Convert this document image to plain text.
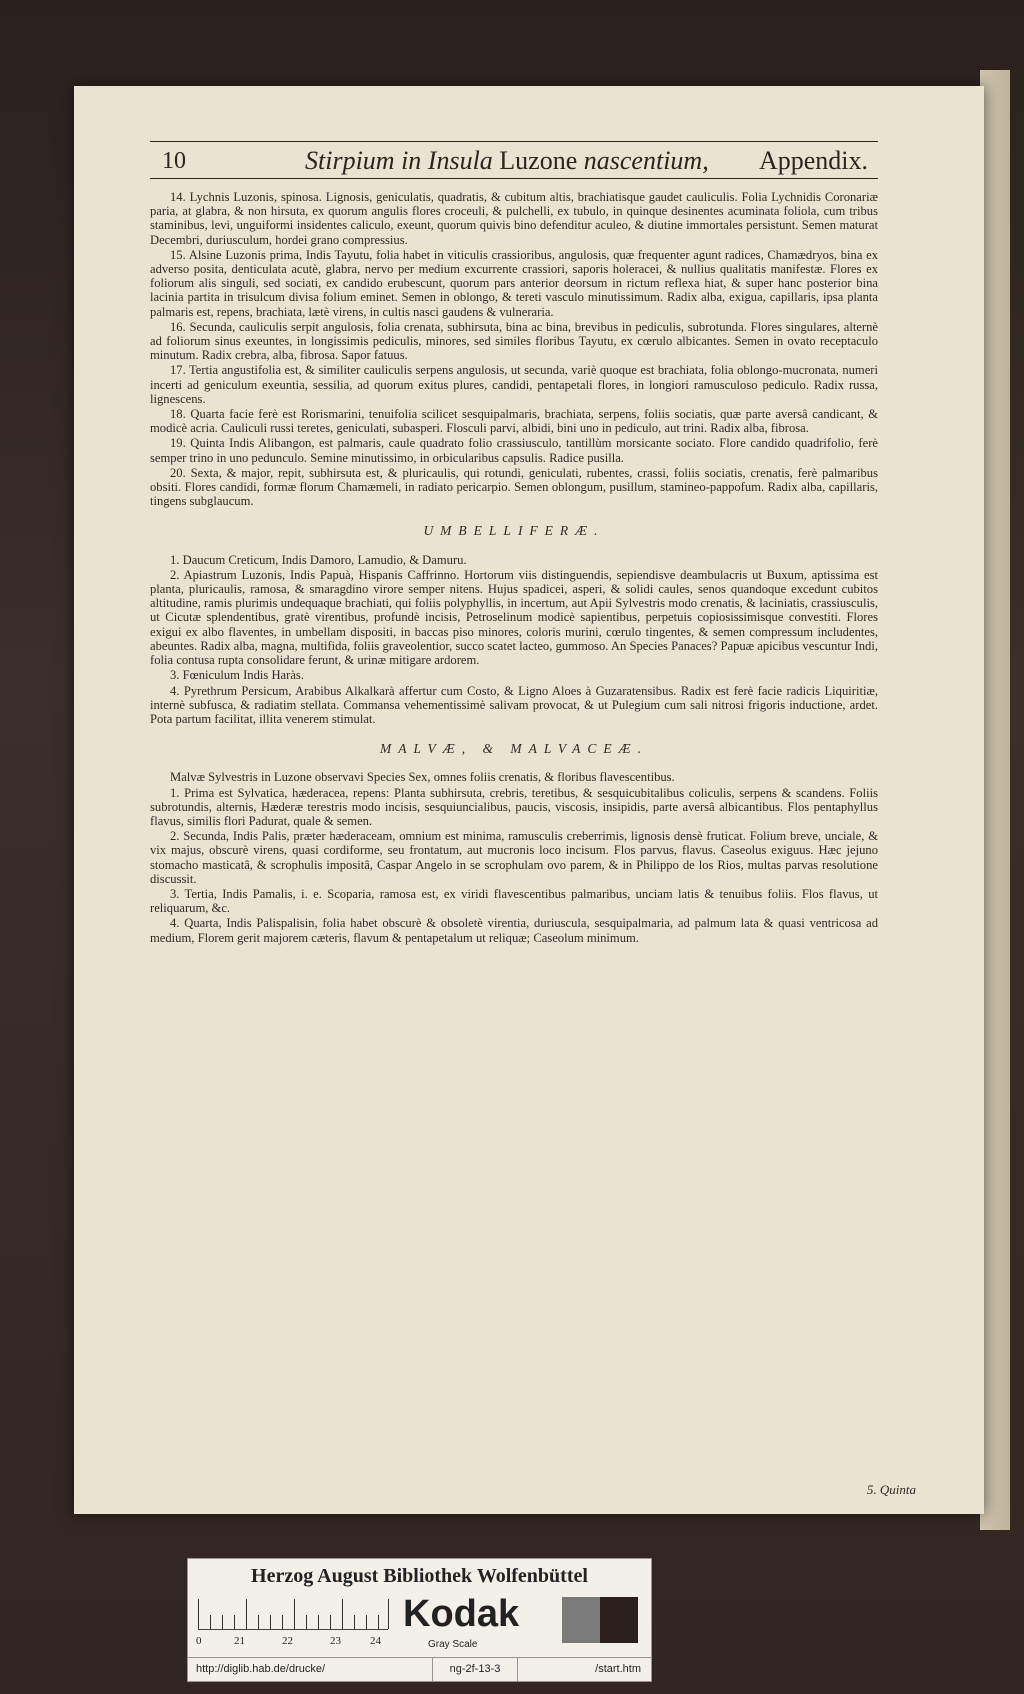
10	Stirpium in Insula Luzone nascentium, Appendix.

14. Lychnis Luzonis, spinosa. Lignosis, geniculatis, quadratis, & cubitum altis, brachiatisque gaudet cauliculis. Folia Lychnidis Coronariæ paria, at glabra, & non hirsuta, ex quorum angulis flores croceuli, & pulchelli, ex tubulo, in quinque desinentes acuminata foliola, cum tribus staminibus, levi, unguiformi insidentes caliculo, exeunt, quorum quivis bino defenditur aculeo, & diutine immortales persistunt. Semen maturat Decembri, duriusculum, hordei grano compressius.

15. Alsine Luzonis prima, Indis Tayutu, folia habet in viticulis crassioribus, angulosis, quæ frequenter agunt radices, Chamædryos, bina ex adverso posita, denticulata acutè, glabra, nervo per medium excurrente crassiori, saporis holeracei, & nullius qualitatis manifestæ. Flores ex foliorum alis singuli, sed sociati, ex candido erubescunt, quorum pars anterior deorsum in rictum reflexa hiat, & super hanc posterior bina lacinia partita in trisulcum divisa folium eminet. Semen in oblongo, & tereti vasculo minutissimum. Radix alba, exigua, capillaris, ipsa planta palmaris est, repens, brachiata, lætè virens, in cultis nasci gaudens & vulneraria.

16. Secunda, cauliculis serpit angulosis, folia crenata, subhirsuta, bina ac bina, brevibus in pediculis, subrotunda. Flores singulares, alternè ad foliorum sinus exeuntes, in longissimis pediculis, minores, sed similes floribus Tayutu, ex cœrulo albicantes. Semen in ovato receptaculo minutum. Radix crebra, alba, fibrosa. Sapor fatuus.

17. Tertia angustifolia est, & similiter cauliculis serpens angulosis, ut secunda, variè quoque est brachiata, folia oblongo-mucronata, numeri incerti ad geniculum exeuntia, sessilia, ad quorum exitus plures, candidi, pentapetali flores, in longiori ramusculoso pediculo. Radix russa, lignescens.

18. Quarta facie ferè est Rorismarini, tenuifolia scilicet sesquipalmaris, brachiata, serpens, foliis sociatis, quæ parte aversâ candicant, & modicè acria. Cauliculi russi teretes, geniculati, subasperi. Flosculi parvi, albidi, bini uno in pediculo, aut trini. Radix alba, fibrosa.

19. Quinta Indis Alibangon, est palmaris, caule quadrato folio crassiusculo, tantillùm morsicante sociato. Flore candido quadrifolio, ferè semper trino in uno pedunculo. Semine minutissimo, in orbicularibus capsulis. Radice pusilla.

20. Sexta, & major, repit, subhirsuta est, & pluricaulis, qui rotundi, geniculati, rubentes, crassi, foliis sociatis, crenatis, ferè palmaribus obsiti. Flores candidi, formæ florum Chamæmeli, in radiato pericarpio. Semen oblongum, pusillum, stamineo-pappofum. Radix alba, capillaris, tingens subglaucum.

UMBELLIFERÆ.

1. Daucum Creticum, Indis Damoro, Lamudio, & Damuru.

2. Apiastrum Luzonis, Indis Papuà, Hispanis Caffrinno. Hortorum viis distinguendis, sepiendisve deambulacris ut Buxum, aptissima est planta, pluricaulis, ramosa, & smaragdino virore semper nitens. Hujus spadicei, asperi, & solidi caules, senos quandoque excedunt cubitos altitudine, ramis plurimis undequaque brachiati, qui foliis polyphyllis, in incertum, aut Apii Sylvestris modo crenatis, & laciniatis, crassiusculis, ut Cicutæ splendentibus, gratè virentibus, profundè incisis, Petroselinum modicè sapientibus, perpetuis copiosissimisque convestiti. Flores exigui ex albo flaventes, in umbellam dispositi, in baccas piso minores, coloris murini, cœrulo tingentes, & semen compressum includentes, abeuntes. Radix alba, magna, multifida, foliis graveolentior, succo scatet lacteo, gummoso. An Species Panaces? Papuæ apicibus vescuntur Indi, folia contusa rupta consolidare ferunt, & urinæ mitigare ardorem.

3. Fœniculum Indis Haràs.

4. Pyrethrum Persicum, Arabibus Alkalkarà affertur cum Costo, & Ligno Aloes à Guzaratensibus. Radix est ferè facie radicis Liquiritiæ, internè subfusca, & radiatim stellata. Commansa vehementissimè salivam provocat, & ut Pulegium cum sali nitrosi frigoris inductione, ardet. Pota partum facilitat, illita venerem stimulat.

MALVÆ, & MALVACEÆ.

Malvæ Sylvestris in Luzone observavi Species Sex, omnes foliis crenatis, & floribus flavescentibus.

1. Prima est Sylvatica, hæderacea, repens: Planta subhirsuta, crebris, teretibus, & sesquicubitalibus coliculis, serpens & scandens. Foliis subrotundis, alternis, Hæderæ terestris modo incisis, sesquiuncialibus, paucis, viscosis, insipidis, parte aversâ albicantibus. Flos pentaphyllus flavus, similis flori Padurat, quale & semen.

2. Secunda, Indis Palis, præter hæderaceam, omnium est minima, ramusculis creberrimis, lignosis densè fruticat. Folium breve, unciale, & vix majus, obscurè virens, quasi cordiforme, seu frontatum, aut mucronis loco incisum. Flos parvus, flavus. Caseolus exiguus. Hæc jejuno stomacho masticatâ, & scrophulis impositâ, Caspar Angelo in se scrophulam ovo parem, & in Philippo de los Rios, multas parvas resolutione discussit.

3. Tertia, Indis Pamalis, i. e. Scoparia, ramosa est, ex viridi flavescentibus palmaribus, unciam latis & tenuibus foliis. Flos flavus, ut reliquarum, &c.

4. Quarta, Indis Palispalisin, folia habet obscurè & obsoletè virentia, duriuscula, sesquipalmaria, ad palmum lata & quasi ventricosa ad medium, Florem gerit majorem cæteris, flavum & pentapetalum ut reliquæ; Caseolum minimum.

5. Quinta
Herzog August Bibliothek Wolfenbüttel
0	21	22	23	24
Kodak
Gray Scale
http://diglib.hab.de/drucke/	ng-2f-13-3	/start.htm
